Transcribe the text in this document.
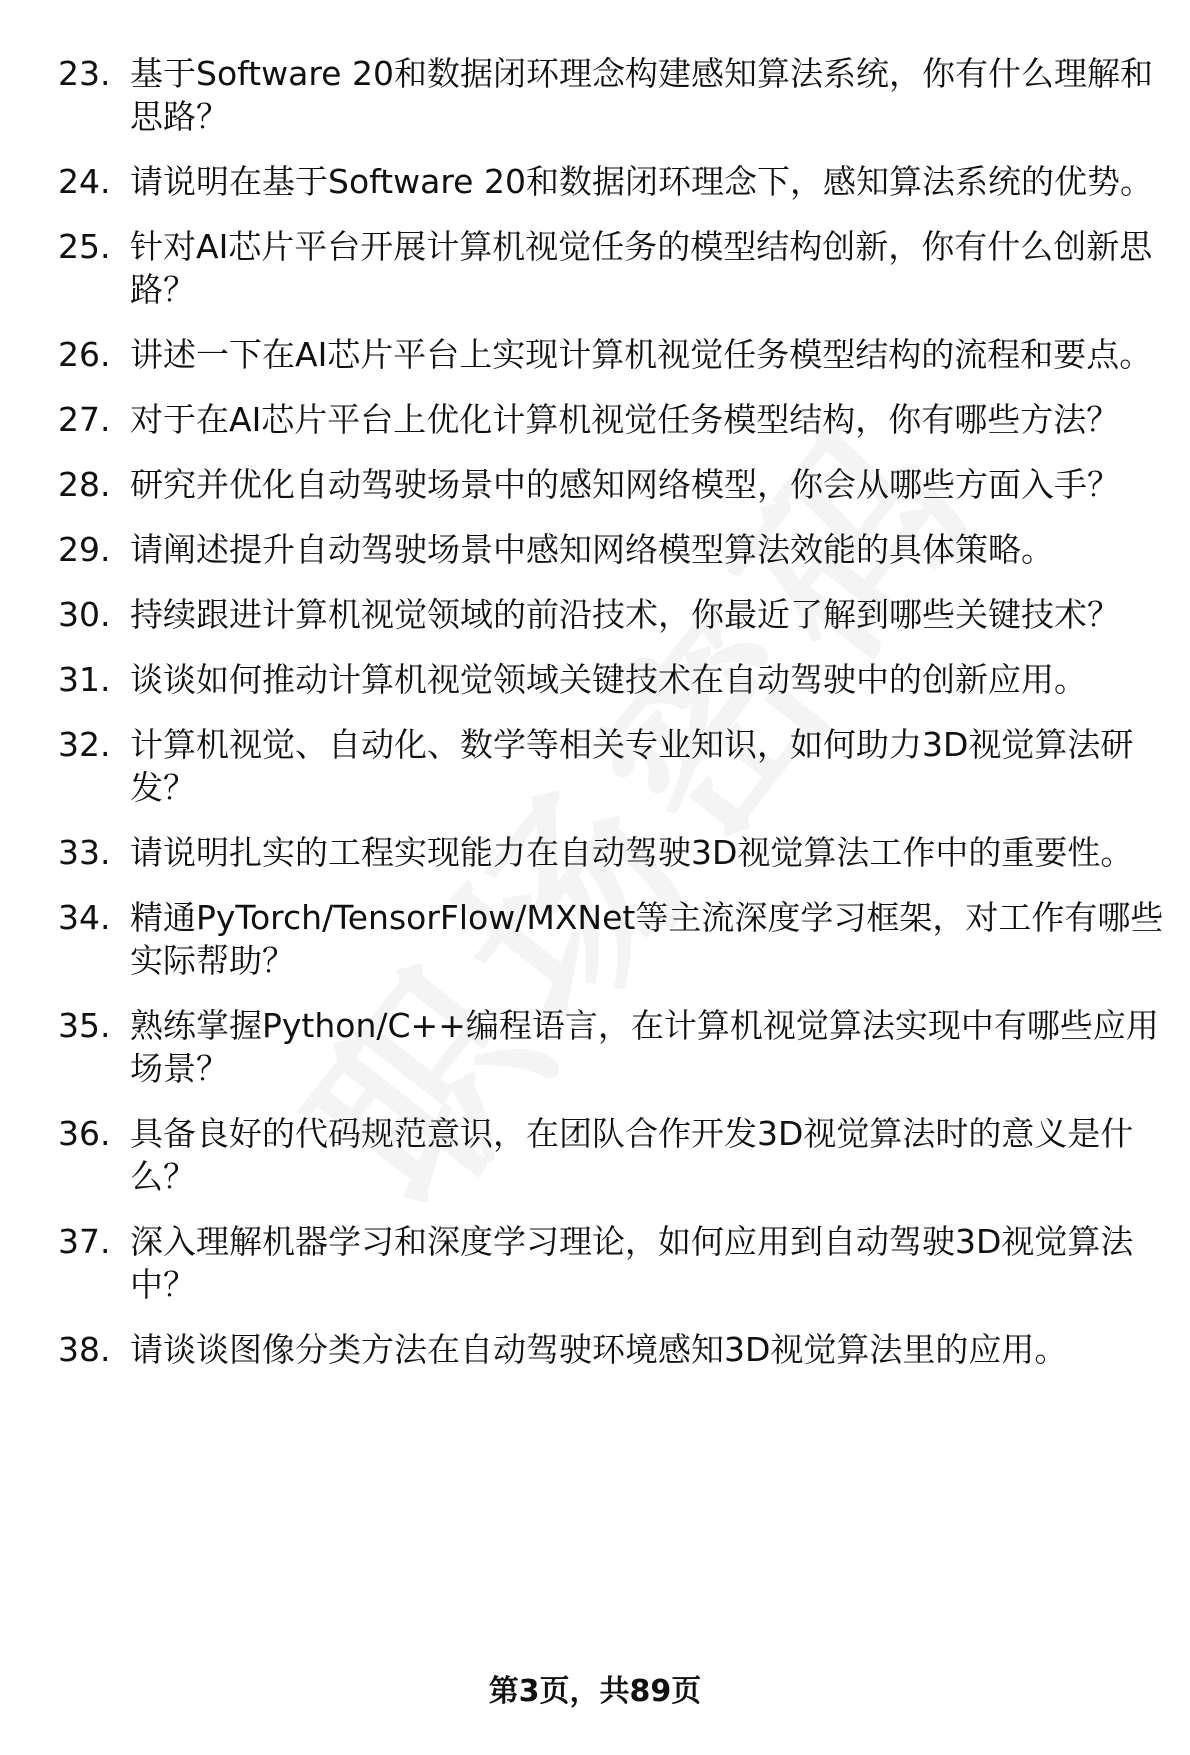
23. 基于Software 20和数据闭环理念构建感知算法系统，你有什么理解和思路？
24. 请说明在基于Software 20和数据闭环理念下，感知算法系统的优势。
25. 针对AI芯片平台开展计算机视觉任务的模型结构创新，你有什么创新思路？
26. 讲述一下在AI芯片平台上实现计算机视觉任务模型结构的流程和要点。
27. 对于在AI芯片平台上优化计算机视觉任务模型结构，你有哪些方法？
28. 研究并优化自动驾驶场景中的感知网络模型，你会从哪些方面入手？
29. 请阐述提升自动驾驶场景中感知网络模型算法效能的具体策略。
30. 持续跟进计算机视觉领域的前沿技术，你最近了解到哪些关键技术？
31. 谈谈如何推动计算机视觉领域关键技术在自动驾驶中的创新应用。
32. 计算机视觉、自动化、数学等相关专业知识，如何助力3D视觉算法研发？
33. 请说明扎实的工程实现能力在自动驾驶3D视觉算法工作中的重要性。
34. 精通PyTorch/TensorFlow/MXNet等主流深度学习框架，对工作有哪些实际帮助？
35. 熟练掌握Python/C++编程语言，在计算机视觉算法实现中有哪些应用场景？
36. 具备良好的代码规范意识，在团队合作开发3D视觉算法时的意义是什么？
37. 深入理解机器学习和深度学习理论，如何应用到自动驾驶3D视觉算法中？
38. 请谈谈图像分类方法在自动驾驶环境感知3D视觉算法里的应用。
第3页，共89页
